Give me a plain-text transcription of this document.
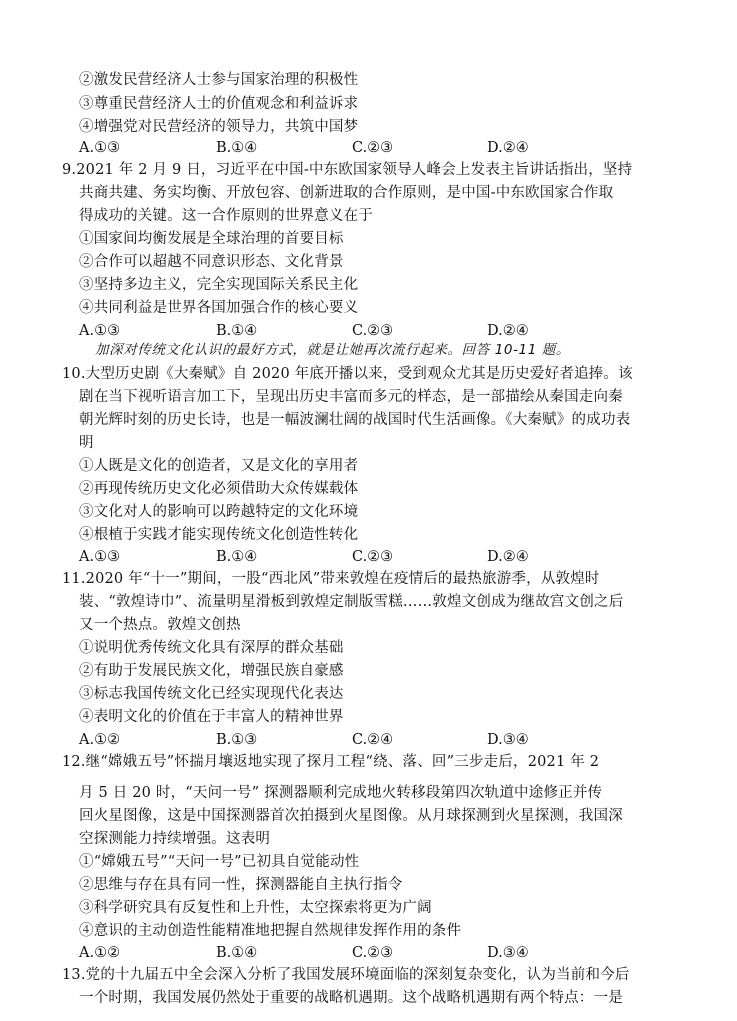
②激发民营经济人士参与国家治理的积极性
③尊重民营经济人士的价值观念和利益诉求
④增强党对民营经济的领导力，共筑中国梦
A.①③	B.①④	C.②③	D.②④
9.2021 年 2 月 9 日，习近平在中国-中东欧国家领导人峰会上发表主旨讲话指出，坚持
共商共建、务实均衡、开放包容、创新进取的合作原则，是中国-中东欧国家合作取
得成功的关键。这一合作原则的世界意义在于
①国家间均衡发展是全球治理的首要目标
②合作可以超越不同意识形态、文化背景
③坚持多边主义，完全实现国际关系民主化
④共同利益是世界各国加强合作的核心要义
A.①③	B.①④	C.②③	D.②④
加深对传统文化认识的最好方式，就是让她再次流行起来。回答 10-11 题。
10.大型历史剧《大秦赋》自 2020 年底开播以来，受到观众尤其是历史爱好者追捧。该
剧在当下视听语言加工下，呈现出历史丰富而多元的样态，是一部描绘从秦国走向秦
朝光辉时刻的历史长诗，也是一幅波澜壮阔的战国时代生活画像。《大秦赋》的成功表
明
①人既是文化的创造者，又是文化的享用者
②再现传统历史文化必须借助大众传媒载体
③文化对人的影响可以跨越特定的文化环境
④根植于实践才能实现传统文化创造性转化
A.①③	B.①④	C.②③	D.②④
11.2020 年“十一”期间，一股“西北风”带来敦煌在疫情后的最热旅游季，从敦煌时
装、“敦煌诗巾”、流量明星滑板到敦煌定制版雪糕……敦煌文创成为继故宫文创之后
又一个热点。敦煌文创热
①说明优秀传统文化具有深厚的群众基础
②有助于发展民族文化，增强民族自豪感
③标志我国传统文化已经实现现代化表达
④表明文化的价值在于丰富人的精神世界
A.①②	B.①③	C.②④	D.③④
12.继“嫦娥五号”怀揣月壤返地实现了探月工程“绕、落、回”三步走后，2021 年 2
月 5 日 20 时，“天问一号” 探测器顺利完成地火转移段第四次轨道中途修正并传
回火星图像，这是中国探测器首次拍摄到火星图像。从月球探测到火星探测，我国深
空探测能力持续增强。这表明
①“嫦娥五号”“天问一号”已初具自觉能动性
②思维与存在具有同一性，探测器能自主执行指令
③科学研究具有反复性和上升性，太空探索将更为广阔
④意识的主动创造性能精准地把握自然规律发挥作用的条件
A.①②	B.①④	C.②③	D.③④
13.党的十九届五中全会深入分析了我国发展环境面临的深刻复杂变化，认为当前和今后
一个时期，我国发展仍然处于重要的战略机遇期。这个战略机遇期有两个特点：一是
